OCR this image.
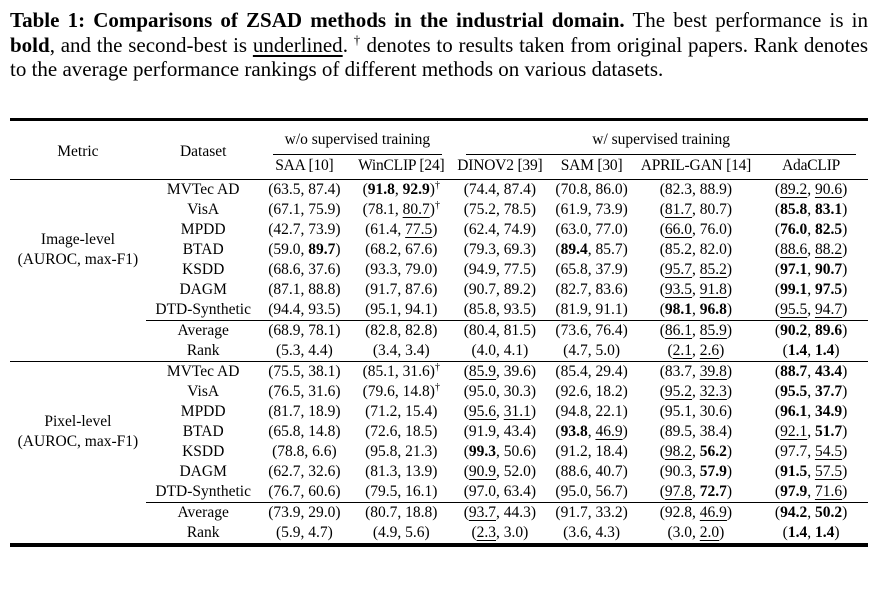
Table 1: Comparisons of ZSAD methods in the industrial domain. The best performance is in bold, and the second-best is underlined. † denotes to results taken from original papers. Rank denotes to the average performance rankings of different methods on various datasets.

Metric	Dataset	w/o supervised training		w/ supervised training			

		SAA [10]	WinCLIP [24]	DINOV2 [39]	SAM [30]	APRIL-GAN [14]	AdaCLIP
Image-level
(AUROC, max-F1)	MVTec AD	(63.5, 87.4)	(91.8, 92.9)†	(74.4, 87.4)	(70.8, 86.0)	(82.3, 88.9)	(89.2, 90.6)
	VisA	(67.1, 75.9)	(78.1, 80.7)†	(75.2, 78.5)	(61.9, 73.9)	(81.7, 80.7)	(85.8, 83.1)
	MPDD	(42.7, 73.9)	(61.4, 77.5)	(62.4, 74.9)	(63.0, 77.0)	(66.0, 76.0)	(76.0, 82.5)
	BTAD	(59.0, 89.7)	(68.2, 67.6)	(79.3, 69.3)	(89.4, 85.7)	(85.2, 82.0)	(88.6, 88.2)
	KSDD	(68.6, 37.6)	(93.3, 79.0)	(94.9, 77.5)	(65.8, 37.9)	(95.7, 85.2)	(97.1, 90.7)
	DAGM	(87.1, 88.8)	(91.7, 87.6)	(90.7, 89.2)	(82.7, 83.6)	(93.5, 91.8)	(99.1, 97.5)
	DTD-Synthetic	(94.4, 93.5)	(95.1, 94.1)	(85.8, 93.5)	(81.9, 91.1)	(98.1, 96.8)	(95.5, 94.7)
	Average	(68.9, 78.1)	(82.8, 82.8)	(80.4, 81.5)	(73.6, 76.4)	(86.1, 85.9)	(90.2, 89.6)
	Rank	(5.3, 4.4)	(3.4, 3.4)	(4.0, 4.1)	(4.7, 5.0)	(2.1, 2.6)	(1.4, 1.4)
Pixel-level
(AUROC, max-F1)	MVTec AD	(75.5, 38.1)	(85.1, 31.6)†	(85.9, 39.6)	(85.4, 29.4)	(83.7, 39.8)	(88.7, 43.4)
	VisA	(76.5, 31.6)	(79.6, 14.8)†	(95.0, 30.3)	(92.6, 18.2)	(95.2, 32.3)	(95.5, 37.7)
	MPDD	(81.7, 18.9)	(71.2, 15.4)	(95.6, 31.1)	(94.8, 22.1)	(95.1, 30.6)	(96.1, 34.9)
	BTAD	(65.8, 14.8)	(72.6, 18.5)	(91.9, 43.4)	(93.8, 46.9)	(89.5, 38.4)	(92.1, 51.7)
	KSDD	(78.8, 6.6)	(95.8, 21.3)	(99.3, 50.6)	(91.2, 18.4)	(98.2, 56.2)	(97.7, 54.5)
	DAGM	(62.7, 32.6)	(81.3, 13.9)	(90.9, 52.0)	(88.6, 40.7)	(90.3, 57.9)	(91.5, 57.5)
	DTD-Synthetic	(76.7, 60.6)	(79.5, 16.1)	(97.0, 63.4)	(95.0, 56.7)	(97.8, 72.7)	(97.9, 71.6)
	Average	(73.9, 29.0)	(80.7, 18.8)	(93.7, 44.3)	(91.7, 33.2)	(92.8, 46.9)	(94.2, 50.2)
	Rank	(5.9, 4.7)	(4.9, 5.6)	(2.3, 3.0)	(3.6, 4.3)	(3.0, 2.0)	(1.4, 1.4)
